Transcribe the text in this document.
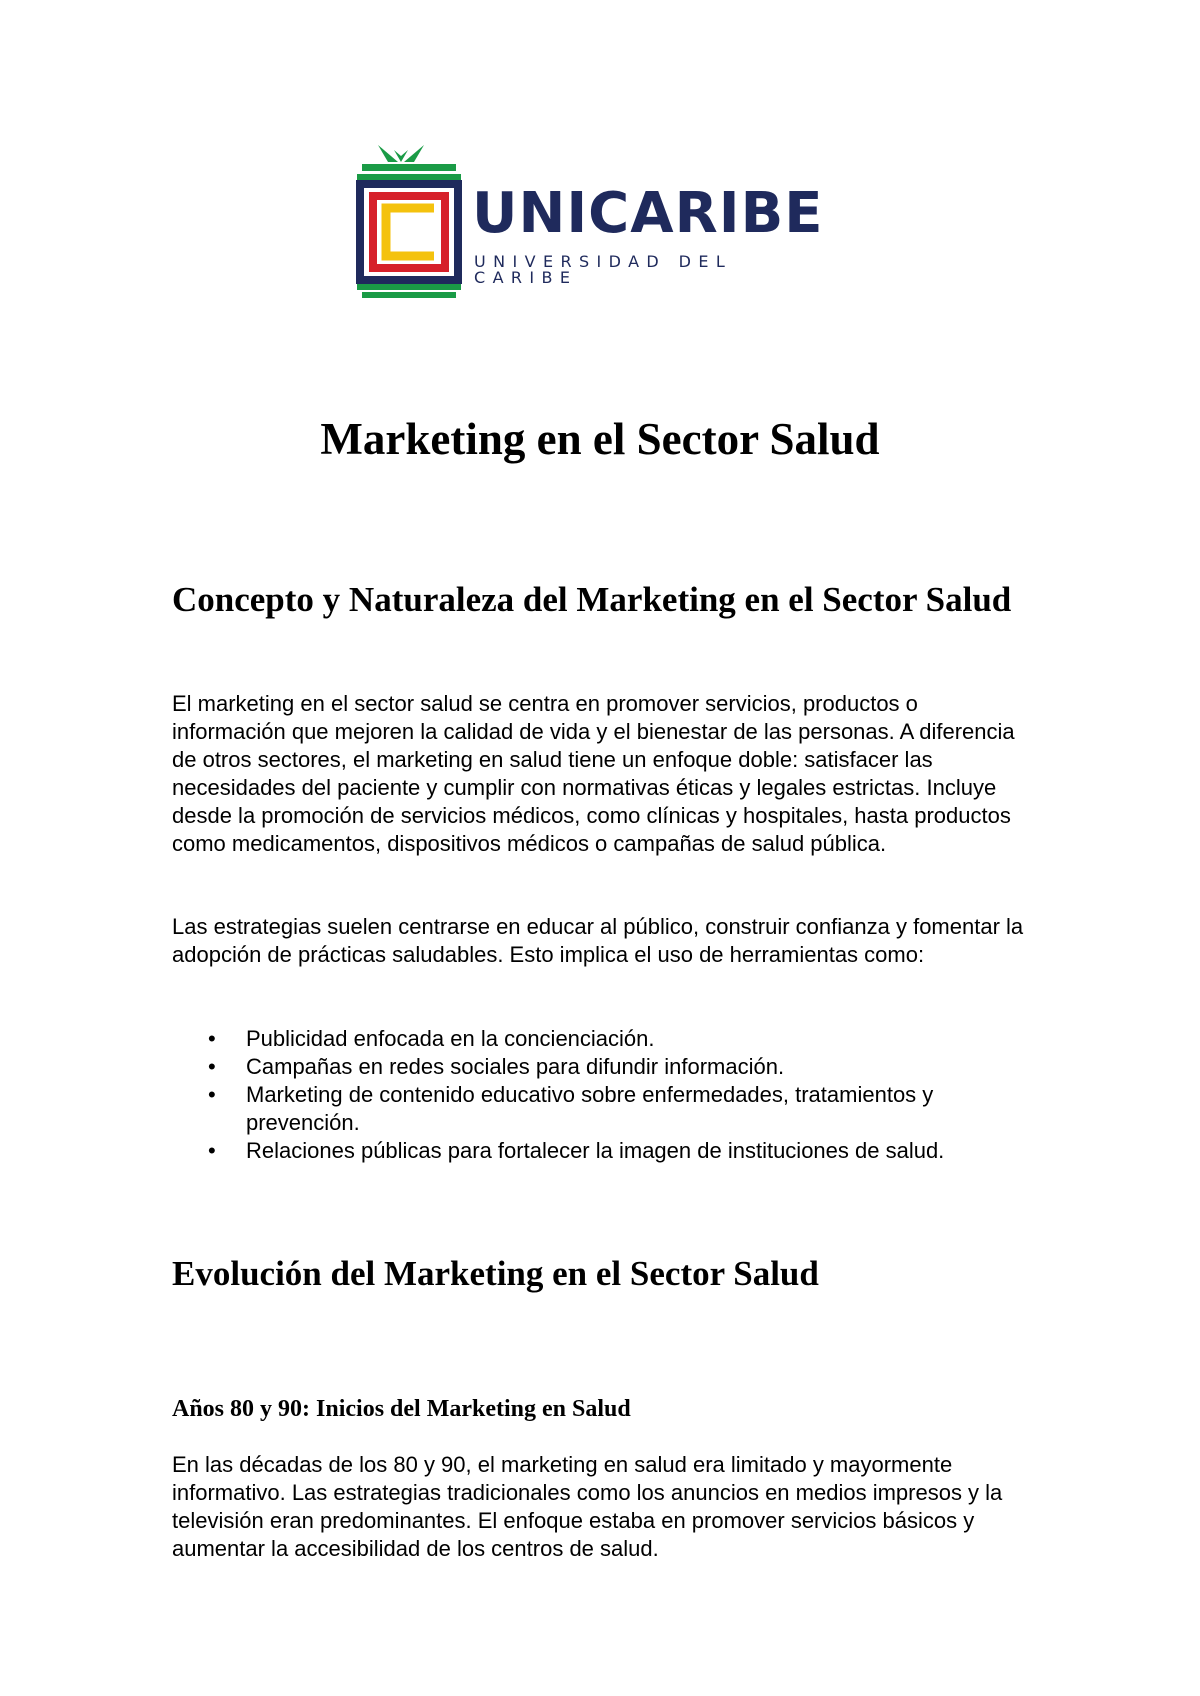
UNICARIBE
UNIVERSIDAD DEL CARIBE
Marketing en el Sector Salud
Concepto y Naturaleza del Marketing en el Sector Salud

El marketing en el sector salud se centra en promover servicios, productos o información que mejoren la calidad de vida y el bienestar de las personas. A diferencia de otros sectores, el marketing en salud tiene un enfoque doble: satisfacer las necesidades del paciente y cumplir con normativas éticas y legales estrictas. Incluye desde la promoción de servicios médicos, como clínicas y hospitales, hasta productos como medicamentos, dispositivos médicos o campañas de salud pública.

Las estrategias suelen centrarse en educar al público, construir confianza y fomentar la adopción de prácticas saludables. Esto implica el uso de herramientas como:

• Publicidad enfocada en la concienciación.
• Campañas en redes sociales para difundir información.
• Marketing de contenido educativo sobre enfermedades, tratamientos y prevención.
• Relaciones públicas para fortalecer la imagen de instituciones de salud.
Evolución del Marketing en el Sector Salud
Años 80 y 90: Inicios del Marketing en Salud

En las décadas de los 80 y 90, el marketing en salud era limitado y mayormente informativo. Las estrategias tradicionales como los anuncios en medios impresos y la televisión eran predominantes. El enfoque estaba en promover servicios básicos y aumentar la accesibilidad de los centros de salud.
